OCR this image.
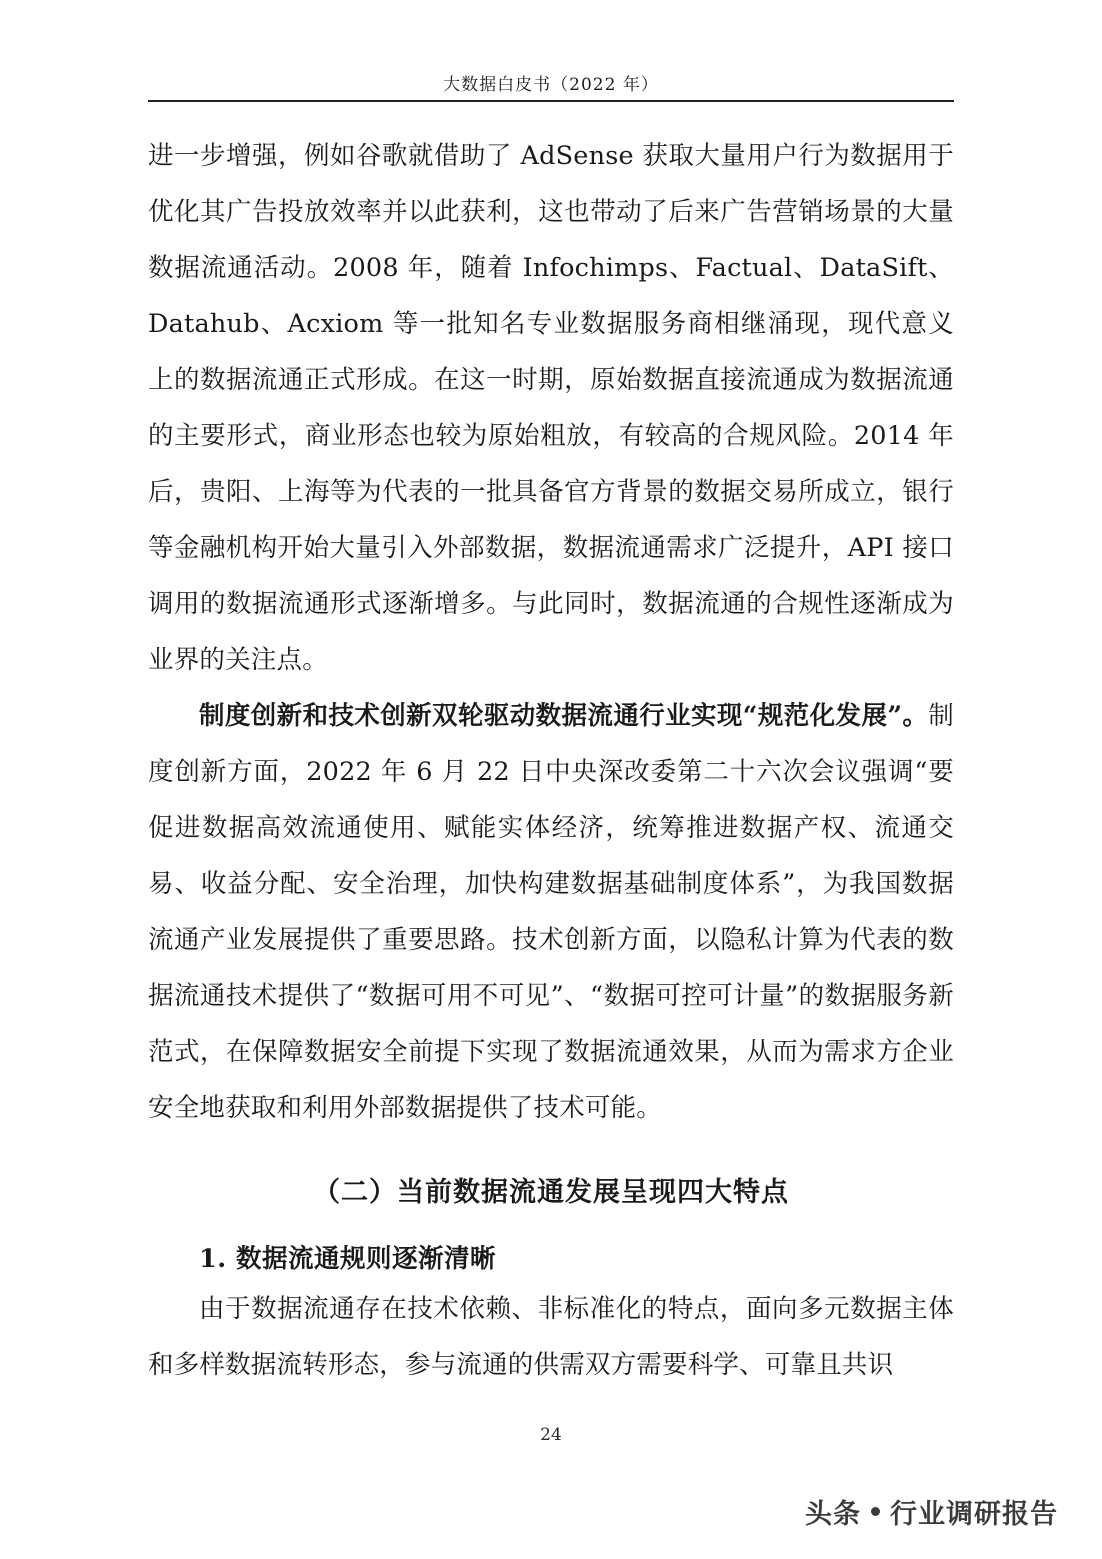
大数据白皮书（2022 年）

进一步增强，例如谷歌就借助了 AdSense 获取大量用户行为数据用于优化其广告投放效率并以此获利，这也带动了后来广告营销场景的大量数据流通活动。2008 年，随着 Infochimps、Factual、DataSift、Datahub、Acxiom 等一批知名专业数据服务商相继涌现，现代意义上的数据流通正式形成。在这一时期，原始数据直接流通成为数据流通的主要形式，商业形态也较为原始粗放，有较高的合规风险。2014 年后，贵阳、上海等为代表的一批具备官方背景的数据交易所成立，银行等金融机构开始大量引入外部数据，数据流通需求广泛提升，API 接口调用的数据流通形式逐渐增多。与此同时，数据流通的合规性逐渐成为业界的关注点。

制度创新和技术创新双轮驱动数据流通行业实现“规范化发展”。制度创新方面，2022 年 6 月 22 日中央深改委第二十六次会议强调“要促进数据高效流通使用、赋能实体经济，统筹推进数据产权、流通交易、收益分配、安全治理，加快构建数据基础制度体系”，为我国数据流通产业发展提供了重要思路。技术创新方面，以隐私计算为代表的数据流通技术提供了“数据可用不可见”、“数据可控可计量”的数据服务新范式，在保障数据安全前提下实现了数据流通效果，从而为需求方企业安全地获取和利用外部数据提供了技术可能。

（二）当前数据流通发展呈现四大特点
1. 数据流通规则逐渐清晰

由于数据流通存在技术依赖、非标准化的特点，面向多元数据主体和多样数据流转形态，参与流通的供需双方需要科学、可靠且共识

24
头条 行业调研报告
